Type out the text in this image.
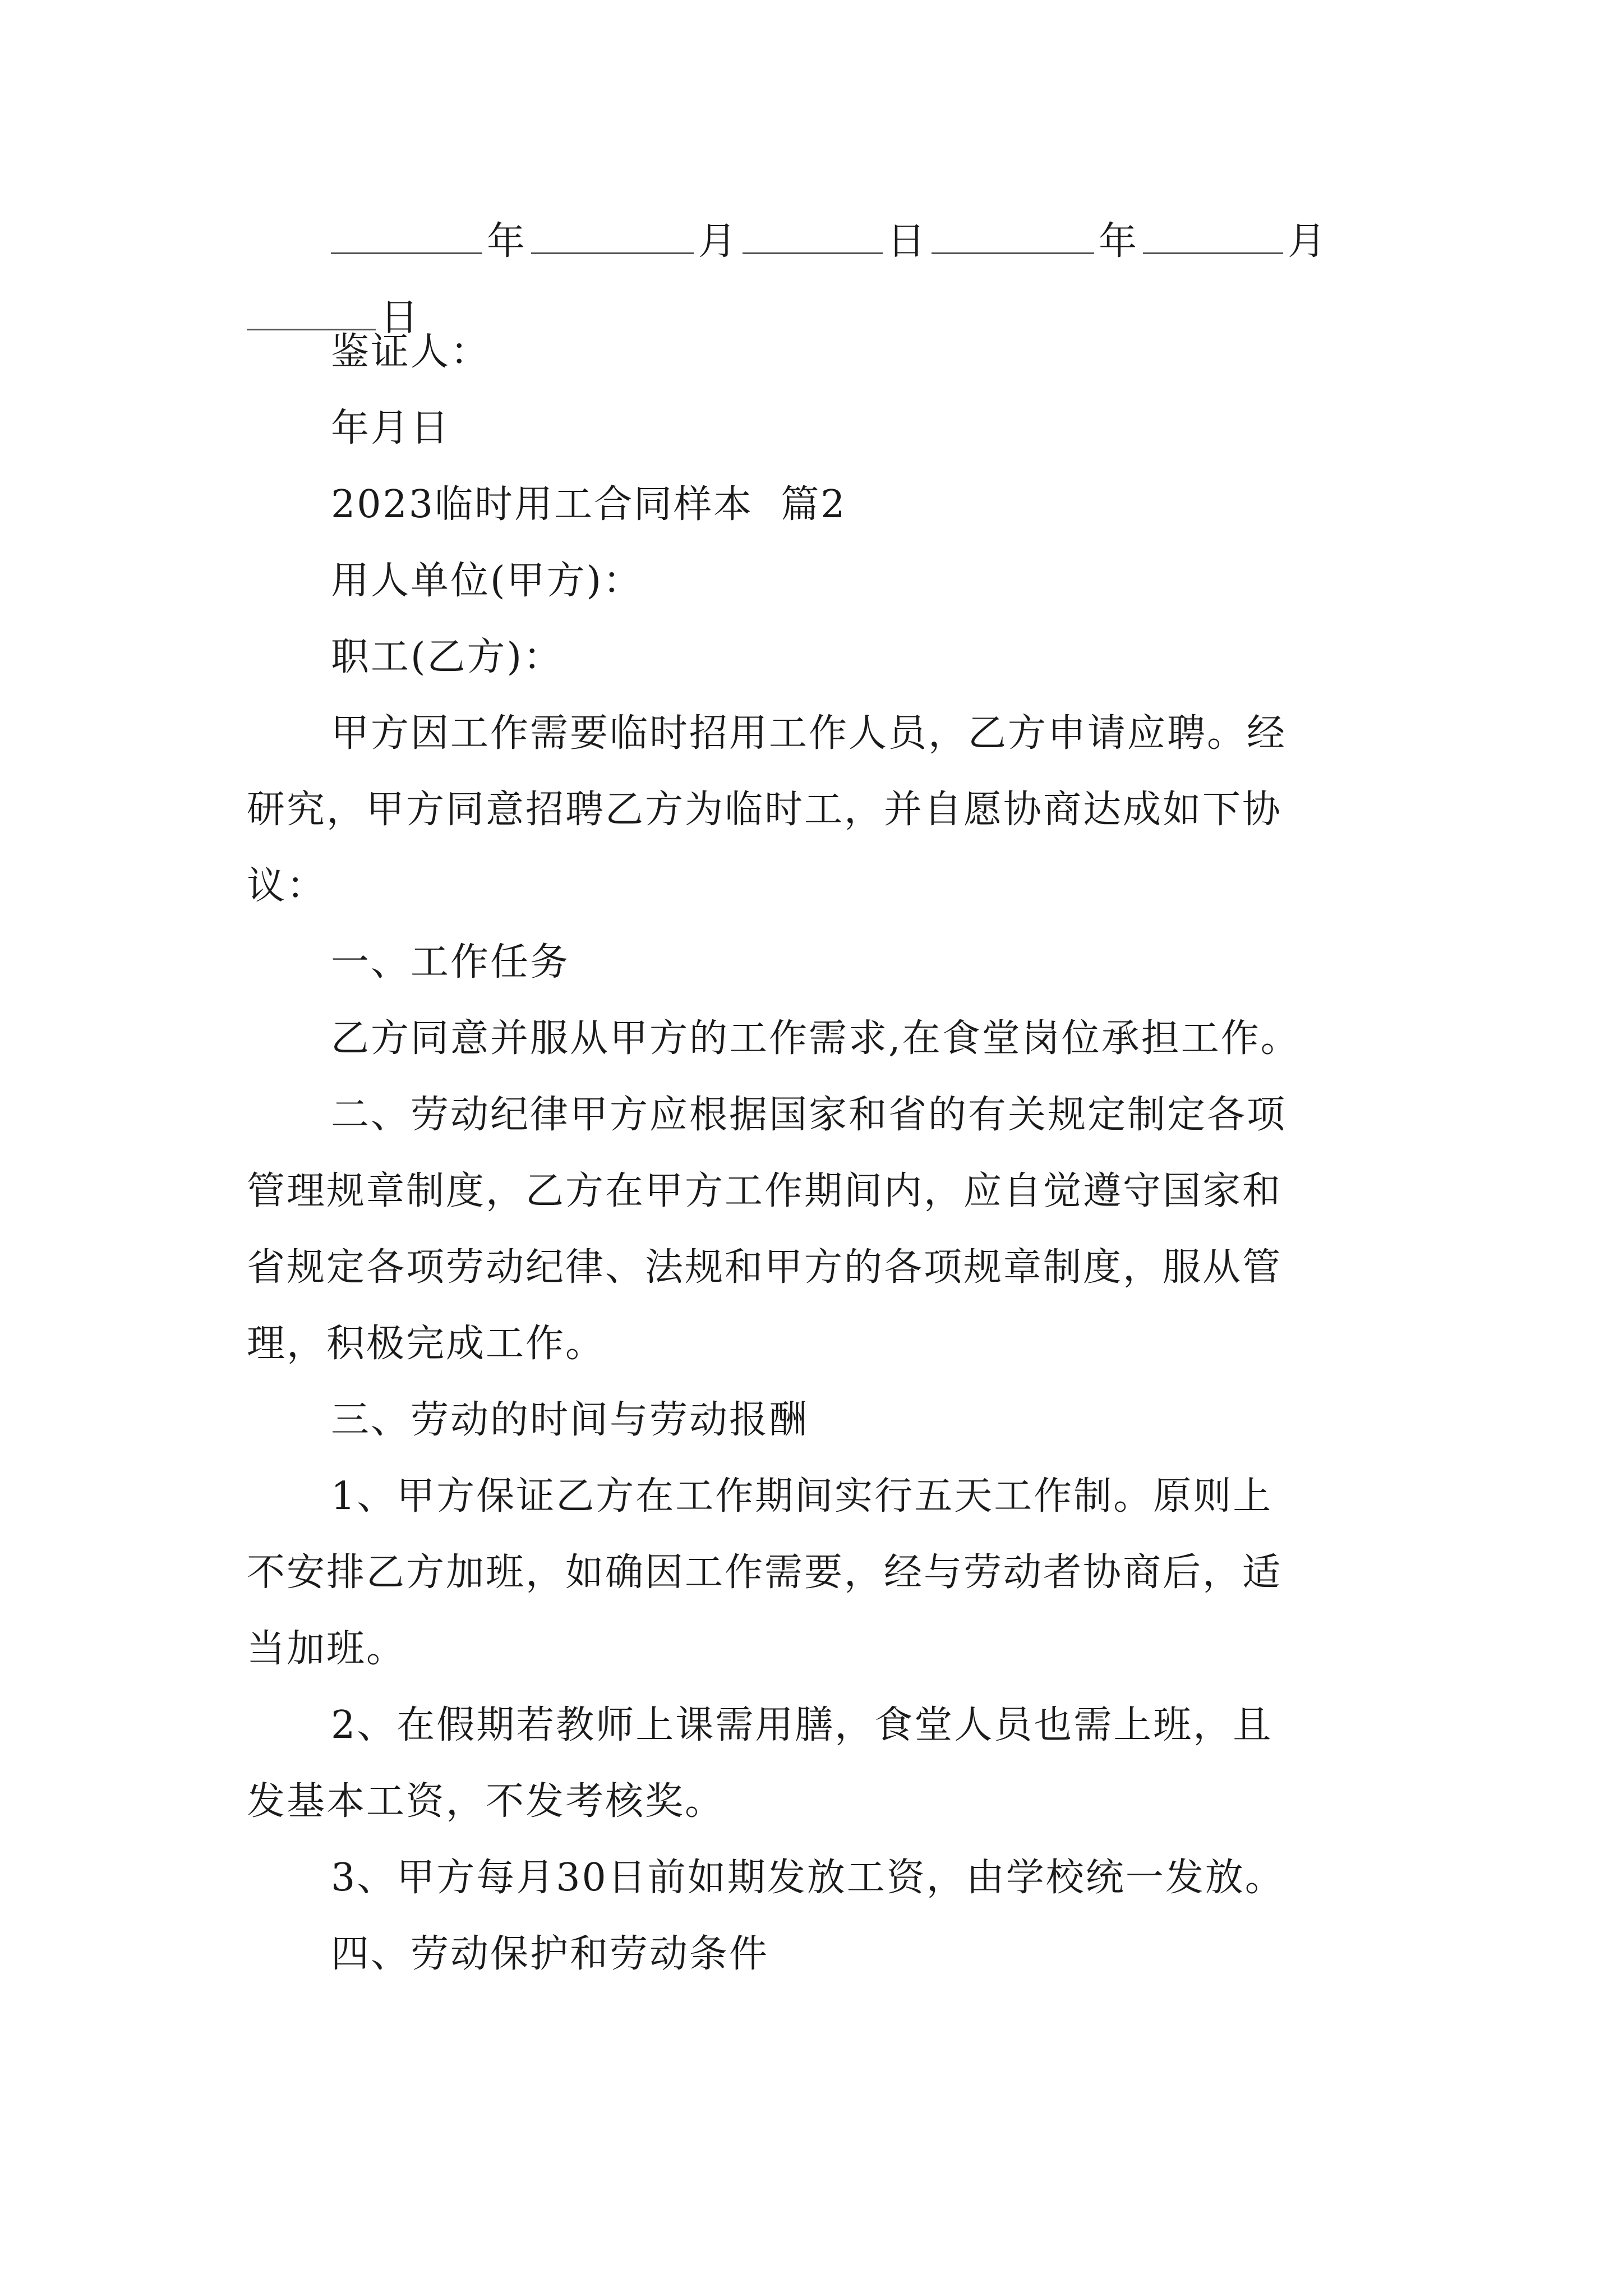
年	月	日	年	月
日
鉴证人：
年月日
2023临时用工合同样本  篇2
用人单位(甲方)：
职工(乙方)：
甲方因工作需要临时招用工作人员，乙方申请应聘。经
研究，甲方同意招聘乙方为临时工，并自愿协商达成如下协
议：
一、工作任务
乙方同意并服从甲方的工作需求,在食堂岗位承担工作。
二、劳动纪律甲方应根据国家和省的有关规定制定各项
管理规章制度，乙方在甲方工作期间内，应自觉遵守国家和
省规定各项劳动纪律、法规和甲方的各项规章制度，服从管
理，积极完成工作。
三、劳动的时间与劳动报酬
1、甲方保证乙方在工作期间实行五天工作制。原则上
不安排乙方加班，如确因工作需要，经与劳动者协商后，适
当加班。
2、在假期若教师上课需用膳，食堂人员也需上班，且
发基本工资，不发考核奖。
3、甲方每月30日前如期发放工资，由学校统一发放。
四、劳动保护和劳动条件
